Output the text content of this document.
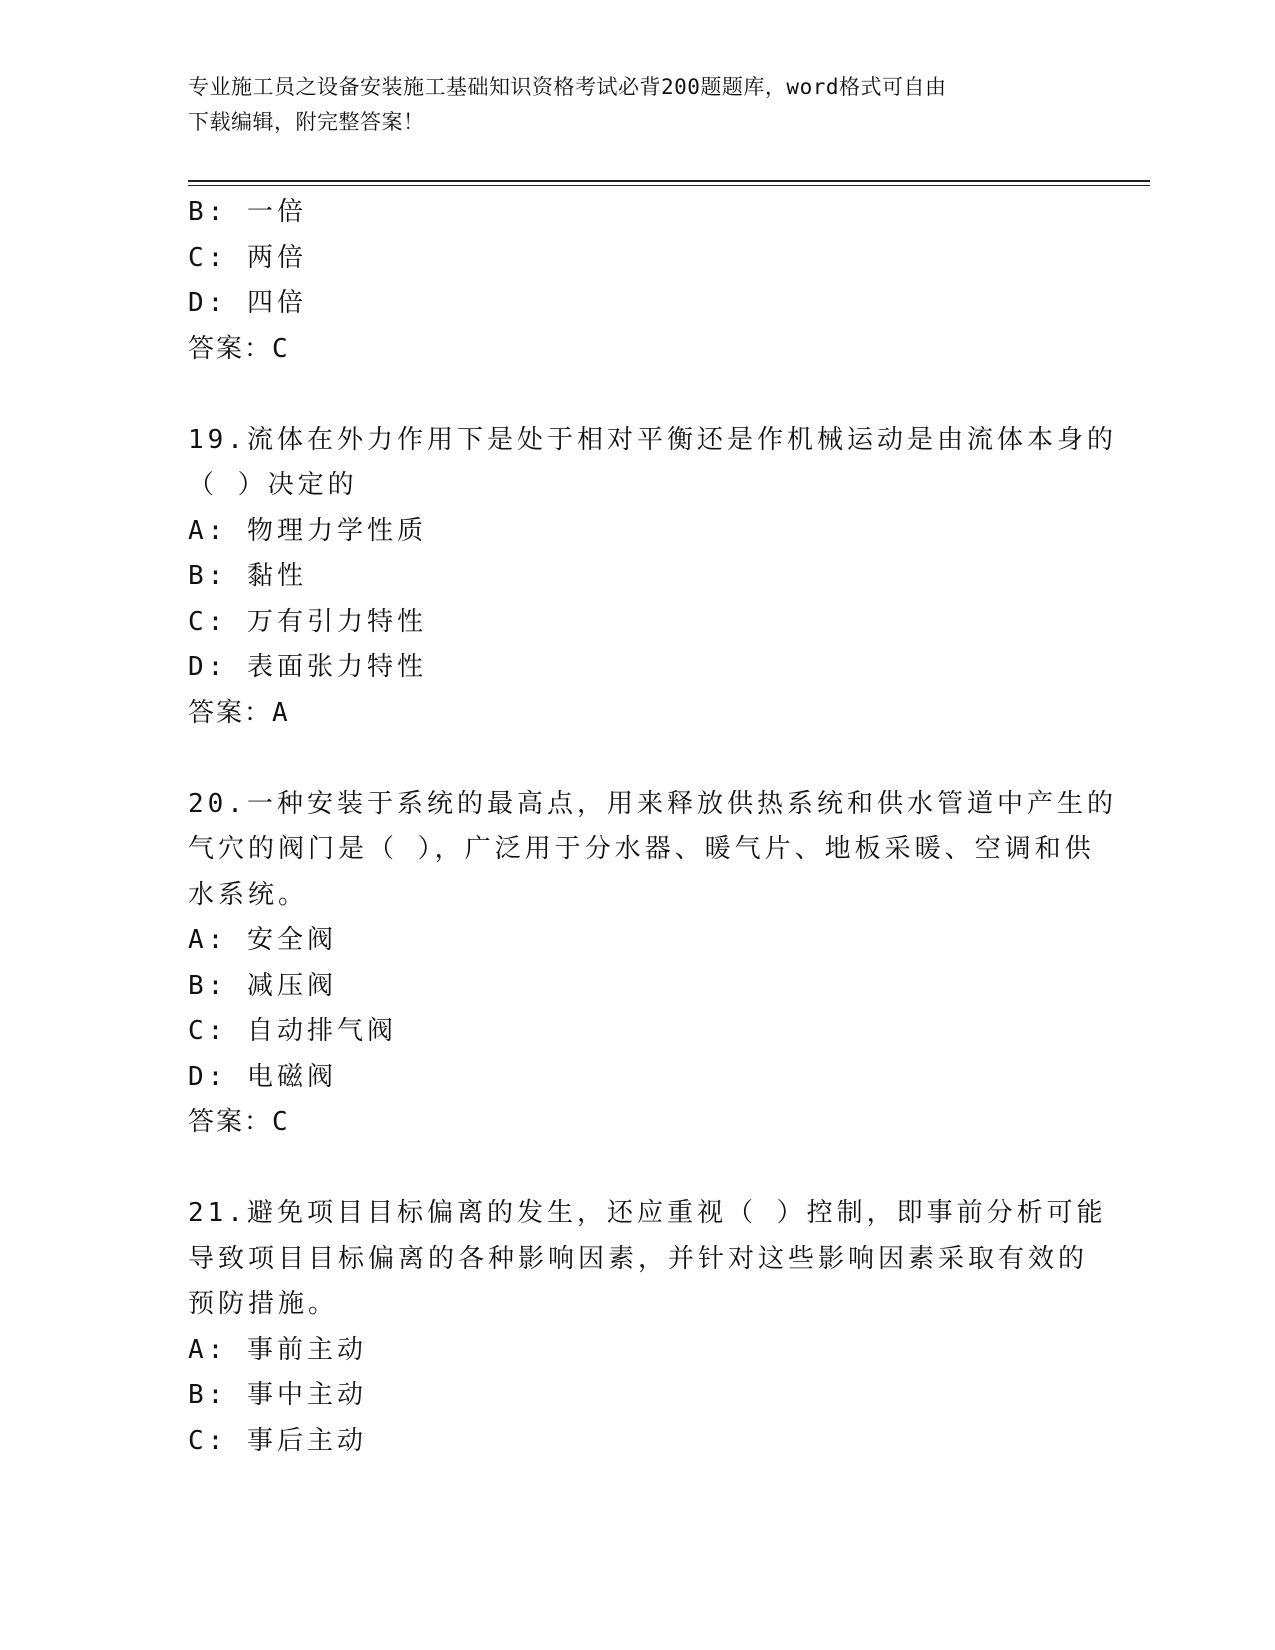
专业施工员之设备安装施工基础知识资格考试必背200题题库，word格式可自由
下载编辑，附完整答案！
B: 一倍
C: 两倍
D: 四倍
答案：C
19.流体在外力作用下是处于相对平衡还是作机械运动是由流体本身的
（ ）决定的
A: 物理力学性质
B: 黏性
C: 万有引力特性
D: 表面张力特性
答案：A
20.一种安装于系统的最高点，用来释放供热系统和供水管道中产生的
气穴的阀门是（ ），广泛用于分水器、暖气片、地板采暖、空调和供
水系统。
A: 安全阀
B: 减压阀
C: 自动排气阀
D: 电磁阀
答案：C
21.避免项目目标偏离的发生，还应重视（ ）控制，即事前分析可能
导致项目目标偏离的各种影响因素，并针对这些影响因素采取有效的
预防措施。
A: 事前主动
B: 事中主动
C: 事后主动
